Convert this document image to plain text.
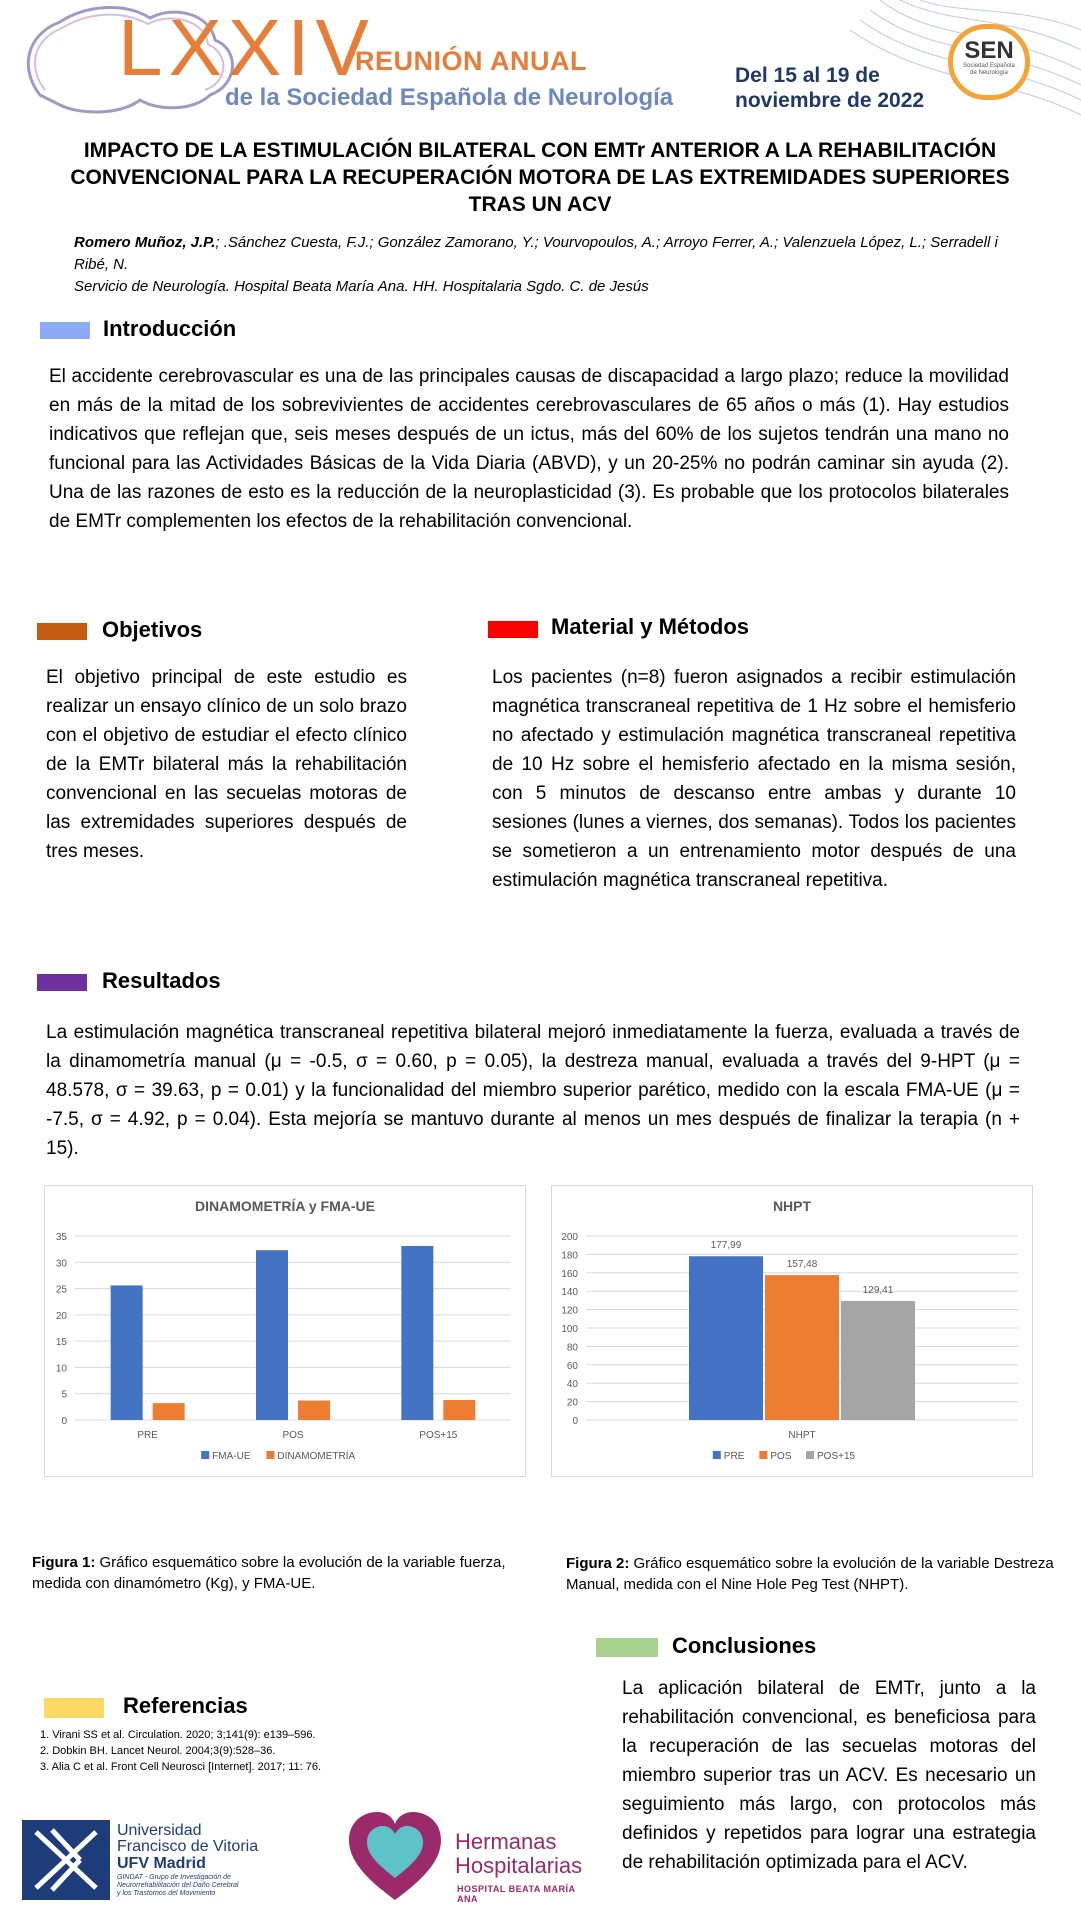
LXXIV
REUNIÓN ANUAL
de la Sociedad Española de Neurología
Del 15 al 19 de
noviembre de 2022
SEN
Sociedad Española
de Neurología
IMPACTO DE LA ESTIMULACIÓN BILATERAL CON EMTr ANTERIOR A LA REHABILITACIÓN CONVENCIONAL PARA LA RECUPERACIÓN MOTORA DE LAS EXTREMIDADES SUPERIORES TRAS UN ACV
Romero Muñoz, J.P.; .Sánchez Cuesta, F.J.; González Zamorano, Y.; Vourvopoulos, A.; Arroyo Ferrer, A.; Valenzuela López, L.; Serradell i Ribé, N.
Servicio de Neurología. Hospital Beata María Ana. HH. Hospitalaria Sgdo. C. de Jesús
Introducción
El accidente cerebrovascular es una de las principales causas de discapacidad a largo plazo; reduce la movilidad en más de la mitad de los sobrevivientes de accidentes cerebrovasculares de 65 años o más (1). Hay estudios indicativos que reflejan que, seis meses después de un ictus, más del 60% de los sujetos tendrán una mano no funcional para las Actividades Básicas de la Vida Diaria (ABVD), y un 20-25% no podrán caminar sin ayuda (2). Una de las razones de esto es la reducción de la neuroplasticidad (3). Es probable que los protocolos bilaterales de EMTr complementen los efectos de la rehabilitación convencional.
Objetivos
El objetivo principal de este estudio es realizar un ensayo clínico de un solo brazo con el objetivo de estudiar el efecto clínico de la EMTr bilateral más la rehabilitación convencional en las secuelas motoras de las extremidades superiores después de tres meses.
Material y Métodos
Los pacientes (n=8) fueron asignados a recibir estimulación magnética transcraneal repetitiva de 1 Hz sobre el hemisferio no afectado y estimulación magnética transcraneal repetitiva de 10 Hz sobre el hemisferio afectado en la misma sesión, con 5 minutos de descanso entre ambas y durante 10 sesiones (lunes a viernes, dos semanas). Todos los pacientes se sometieron a un entrenamiento motor después de una estimulación magnética transcraneal repetitiva.
Resultados
La estimulación magnética transcraneal repetitiva bilateral mejoró inmediatamente la fuerza, evaluada a través de la dinamometría manual (μ = -0.5, σ = 0.60, p = 0.05), la destreza manual, evaluada a través del 9-HPT (μ = 48.578, σ = 39.63, p = 0.01) y la funcionalidad del miembro superior parético, medido con la escala FMA-UE (μ = -7.5, σ = 4.92, p = 0.04). Esta mejoría se mantuvo durante al menos un mes después de finalizar la terapia (n + 15).
DINAMOMETRÍA y FMA-UE
0
5
10
15
20
25
30
35
PRE	POS	POS+15
FMA-UE	DINAMOMETRÍA
NHPT
0
20
40
60
80
100
120
140
160
180
200
177,99
157,48
129,41
NHPT
PRE	POS	POS+15
Figura 1: Gráfico esquemático sobre la evolución de la variable fuerza, medida con dinamómetro (Kg), y FMA-UE.
Figura 2: Gráfico esquemático sobre la evolución de la variable Destreza Manual, medida con el Nine Hole Peg Test (NHPT).
Conclusiones
La aplicación bilateral de EMTr, junto a la rehabilitación convencional, es beneficiosa para la recuperación de las secuelas motoras del miembro superior tras un ACV. Es necesario un seguimiento más largo, con protocolos más definidos y repetidos para lograr una estrategia de rehabilitación optimizada para el ACV.
Referencias
1. Virani SS et al. Circulation. 2020; 3;141(9): e139–596.
2. Dobkin BH. Lancet Neurol. 2004;3(9):528–36.
3. Alia C et al. Front Cell Neurosci [Internet]. 2017; 11: 76.
Universidad
Francisco de Vitoria
UFV Madrid
GINDAT - Grupo de Investigación de
Neurorrehabilitación del Daño Cerebral
y los Trastornos del Movimiento
Hermanas
Hospitalarias
HOSPITAL BEATA MARÍA ANA
